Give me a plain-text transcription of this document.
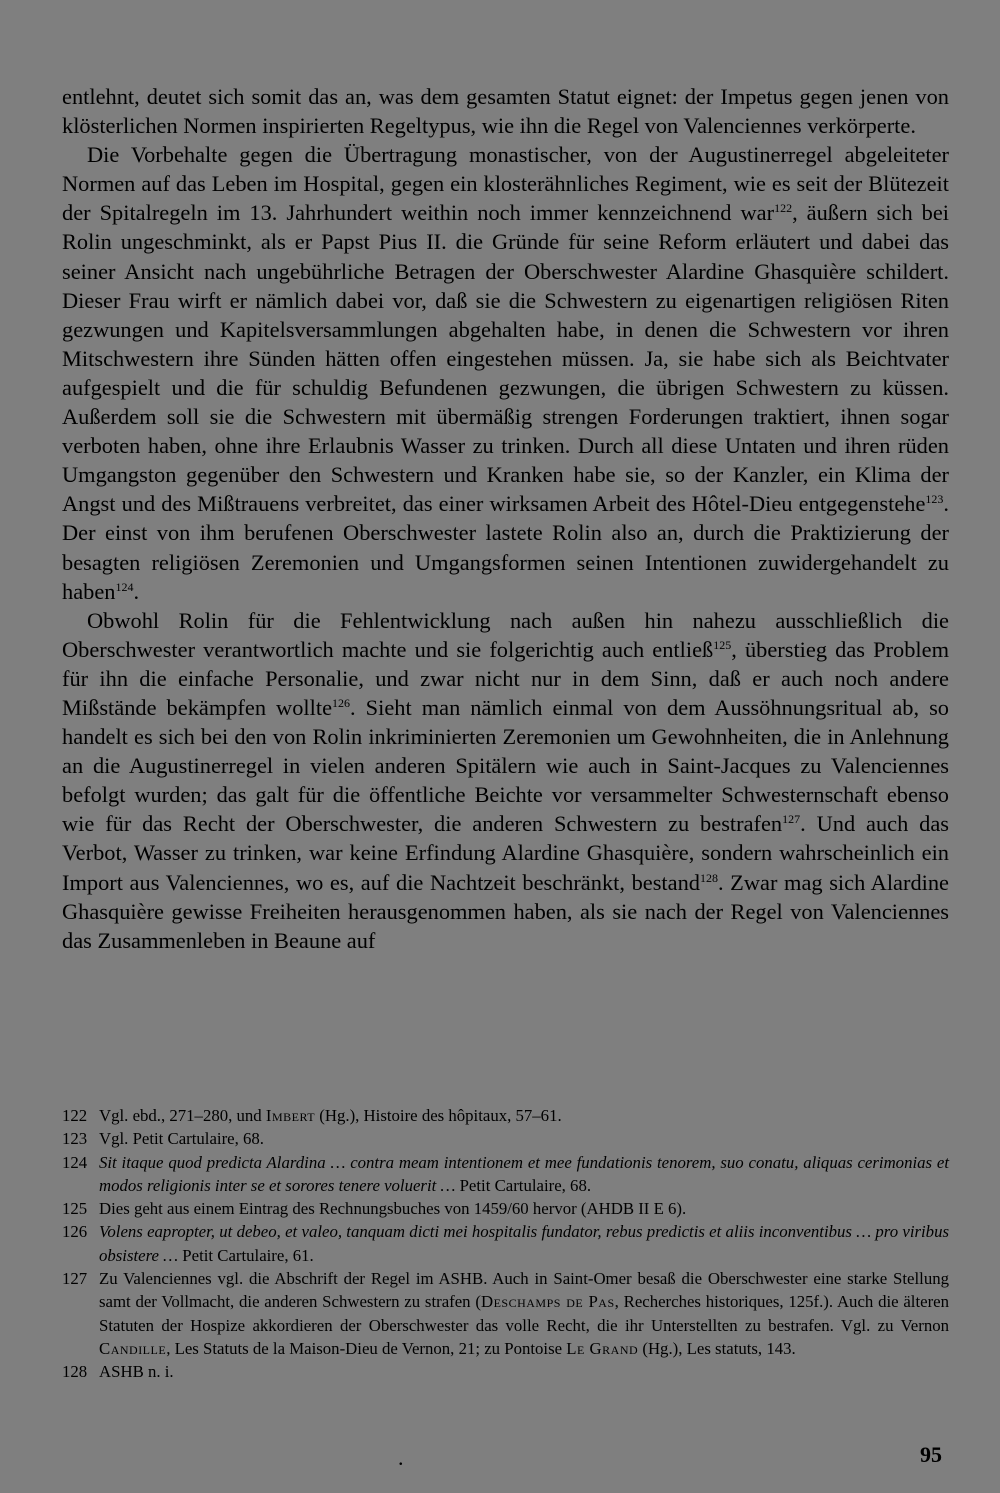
entlehnt, deutet sich somit das an, was dem gesamten Statut eignet: der Impetus gegen jenen von klösterlichen Normen inspirierten Regeltypus, wie ihn die Regel von Valenciennes verkörperte.

Die Vorbehalte gegen die Übertragung monastischer, von der Augustinerregel abgeleiteter Normen auf das Leben im Hospital, gegen ein klosterähnliches Regiment, wie es seit der Blütezeit der Spitalregeln im 13. Jahrhundert weithin noch immer kennzeichnend war$^{122}$, äußern sich bei Rolin ungeschminkt, als er Papst Pius II. die Gründe für seine Reform erläutert und dabei das seiner Ansicht nach ungebührliche Betragen der Oberschwester Alardine Ghasquière schildert. Dieser Frau wirft er nämlich dabei vor, daß sie die Schwestern zu eigenartigen religiösen Riten gezwungen und Kapitelsversammlungen abgehalten habe, in denen die Schwestern vor ihren Mitschwestern ihre Sünden hätten offen eingestehen müssen. Ja, sie habe sich als Beichtvater aufgespielt und die für schuldig Befundenen gezwungen, die übrigen Schwestern zu küssen. Außerdem soll sie die Schwestern mit übermäßig strengen Forderungen traktiert, ihnen sogar verboten haben, ohne ihre Erlaubnis Wasser zu trinken. Durch all diese Untaten und ihren rüden Umgangston gegenüber den Schwestern und Kranken habe sie, so der Kanzler, ein Klima der Angst und des Mißtrauens verbreitet, das einer wirksamen Arbeit des Hôtel-Dieu entgegenstehe$^{123}$. Der einst von ihm berufenen Oberschwester lastete Rolin also an, durch die Praktizierung der besagten religiösen Zeremonien und Umgangsformen seinen Intentionen zuwidergehandelt zu haben$^{124}$.

Obwohl Rolin für die Fehlentwicklung nach außen hin nahezu ausschließlich die Oberschwester verantwortlich machte und sie folgerichtig auch entließ$^{125}$, überstieg das Problem für ihn die einfache Personalie, und zwar nicht nur in dem Sinn, daß er auch noch andere Mißstände bekämpfen wollte$^{126}$. Sieht man nämlich einmal von dem Aussöhnungsritual ab, so handelt es sich bei den von Rolin inkriminierten Zeremonien um Gewohnheiten, die in Anlehnung an die Augustinerregel in vielen anderen Spitälern wie auch in Saint-Jacques zu Valenciennes befolgt wurden; das galt für die öffentliche Beichte vor versammelter Schwesternschaft ebenso wie für das Recht der Oberschwester, die anderen Schwestern zu bestrafen$^{127}$. Und auch das Verbot, Wasser zu trinken, war keine Erfindung Alardine Ghasquière, sondern wahrscheinlich ein Import aus Valenciennes, wo es, auf die Nachtzeit beschränkt, bestand$^{128}$. Zwar mag sich Alardine Ghasquière gewisse Freiheiten herausgenommen haben, als sie nach der Regel von Valenciennes das Zusammenleben in Beaune auf

122 Vgl. ebd., 271–280, und Imbert (Hg.), Histoire des hôpitaux, 57–61.
123 Vgl. Petit Cartulaire, 68.
124 Sit itaque quod predicta Alardina … contra meam intentionem et mee fundationis tenorem, suo conatu, aliquas cerimonias et modos religionis inter se et sorores tenere voluerit … Petit Cartulaire, 68.
125 Dies geht aus einem Eintrag des Rechnungsbuches von 1459/60 hervor (AHDB II E 6).
126 Volens eapropter, ut debeo, et valeo, tanquam dicti mei hospitalis fundator, rebus predictis et aliis inconventibus … pro viribus obsistere … Petit Cartulaire, 61.
127 Zu Valenciennes vgl. die Abschrift der Regel im ASHB. Auch in Saint-Omer besaß die Oberschwester eine starke Stellung samt der Vollmacht, die anderen Schwestern zu strafen (Deschamps de Pas, Recherches historiques, 125f.). Auch die älteren Statuten der Hospize akkordieren der Oberschwester das volle Recht, die ihr Unterstellten zu bestrafen. Vgl. zu Vernon Candille, Les Statuts de la Maison-Dieu de Vernon, 21; zu Pontoise Le Grand (Hg.), Les statuts, 143.
128 ASHB n. i.
.	95
